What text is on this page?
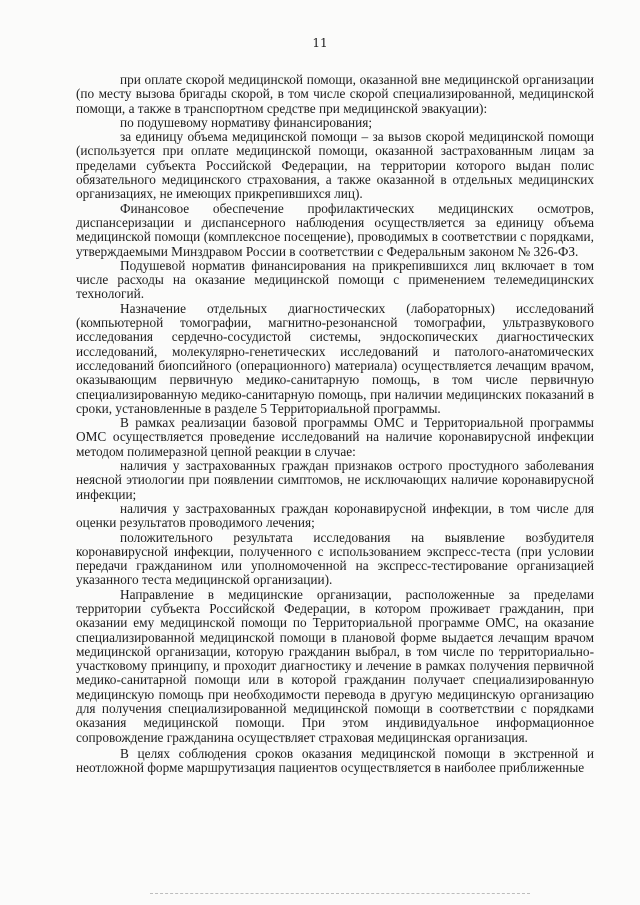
11

при оплате скорой медицинской помощи, оказанной вне медицинской организации (по месту вызова бригады скорой, в том числе скорой специализированной, медицинской помощи, а также в транспортном средстве при медицинской эвакуации):

по подушевому нормативу финансирования;

за единицу объема медицинской помощи – за вызов скорой медицинской помощи (используется при оплате медицинской помощи, оказанной застрахованным лицам за пределами субъекта Российской Федерации, на территории которого выдан полис обязательного медицинского страхования, а также оказанной в отдельных медицинских организациях, не имеющих прикрепившихся лиц).

Финансовое обеспечение профилактических медицинских осмотров, диспансеризации и диспансерного наблюдения осуществляется за единицу объема медицинской помощи (комплексное посещение), проводимых в соответствии с порядками, утверждаемыми Минздравом России в соответствии с Федеральным законом № 326-ФЗ.

Подушевой норматив финансирования на прикрепившихся лиц включает в том числе расходы на оказание медицинской помощи с применением телемедицинских технологий.

Назначение отдельных диагностических (лабораторных) исследований (компьютерной томографии, магнитно-резонансной томографии, ультразвукового исследования сердечно-сосудистой системы, эндоскопических диагностических исследований, молекулярно-генетических исследований и патолого-анатомических исследований биопсийного (операционного) материала) осуществляется лечащим врачом, оказывающим первичную медико-санитарную помощь, в том числе первичную специализированную медико-санитарную помощь, при наличии медицинских показаний в сроки, установленные в разделе 5 Территориальной программы.

В рамках реализации базовой программы ОМС и Территориальной программы ОМС осуществляется проведение исследований на наличие коронавирусной инфекции методом полимеразной цепной реакции в случае:

наличия у застрахованных граждан признаков острого простудного заболевания неясной этиологии при появлении симптомов, не исключающих наличие коронавирусной инфекции;

наличия у застрахованных граждан коронавирусной инфекции, в том числе для оценки результатов проводимого лечения;

положительного результата исследования на выявление возбудителя коронавирусной инфекции, полученного с использованием экспресс-теста (при условии передачи гражданином или уполномоченной на экспресс-тестирование организацией указанного теста медицинской организации).

Направление в медицинские организации, расположенные за пределами территории субъекта Российской Федерации, в котором проживает гражданин, при оказании ему медицинской помощи по Территориальной программе ОМС, на оказание специализированной медицинской помощи в плановой форме выдается лечащим врачом медицинской организации, которую гражданин выбрал, в том числе по территориально-участковому принципу, и проходит диагностику и лечение в рамках получения первичной медико-санитарной помощи или в которой гражданин получает специализированную медицинскую помощь при необходимости перевода в другую медицинскую организацию для получения специализированной медицинской помощи в соответствии с порядками оказания медицинской помощи. При этом индивидуальное информационное сопровождение гражданина осуществляет страховая медицинская организация.

В целях соблюдения сроков оказания медицинской помощи в экстренной и неотложной форме маршрутизация пациентов осуществляется в наиболее приближенные
